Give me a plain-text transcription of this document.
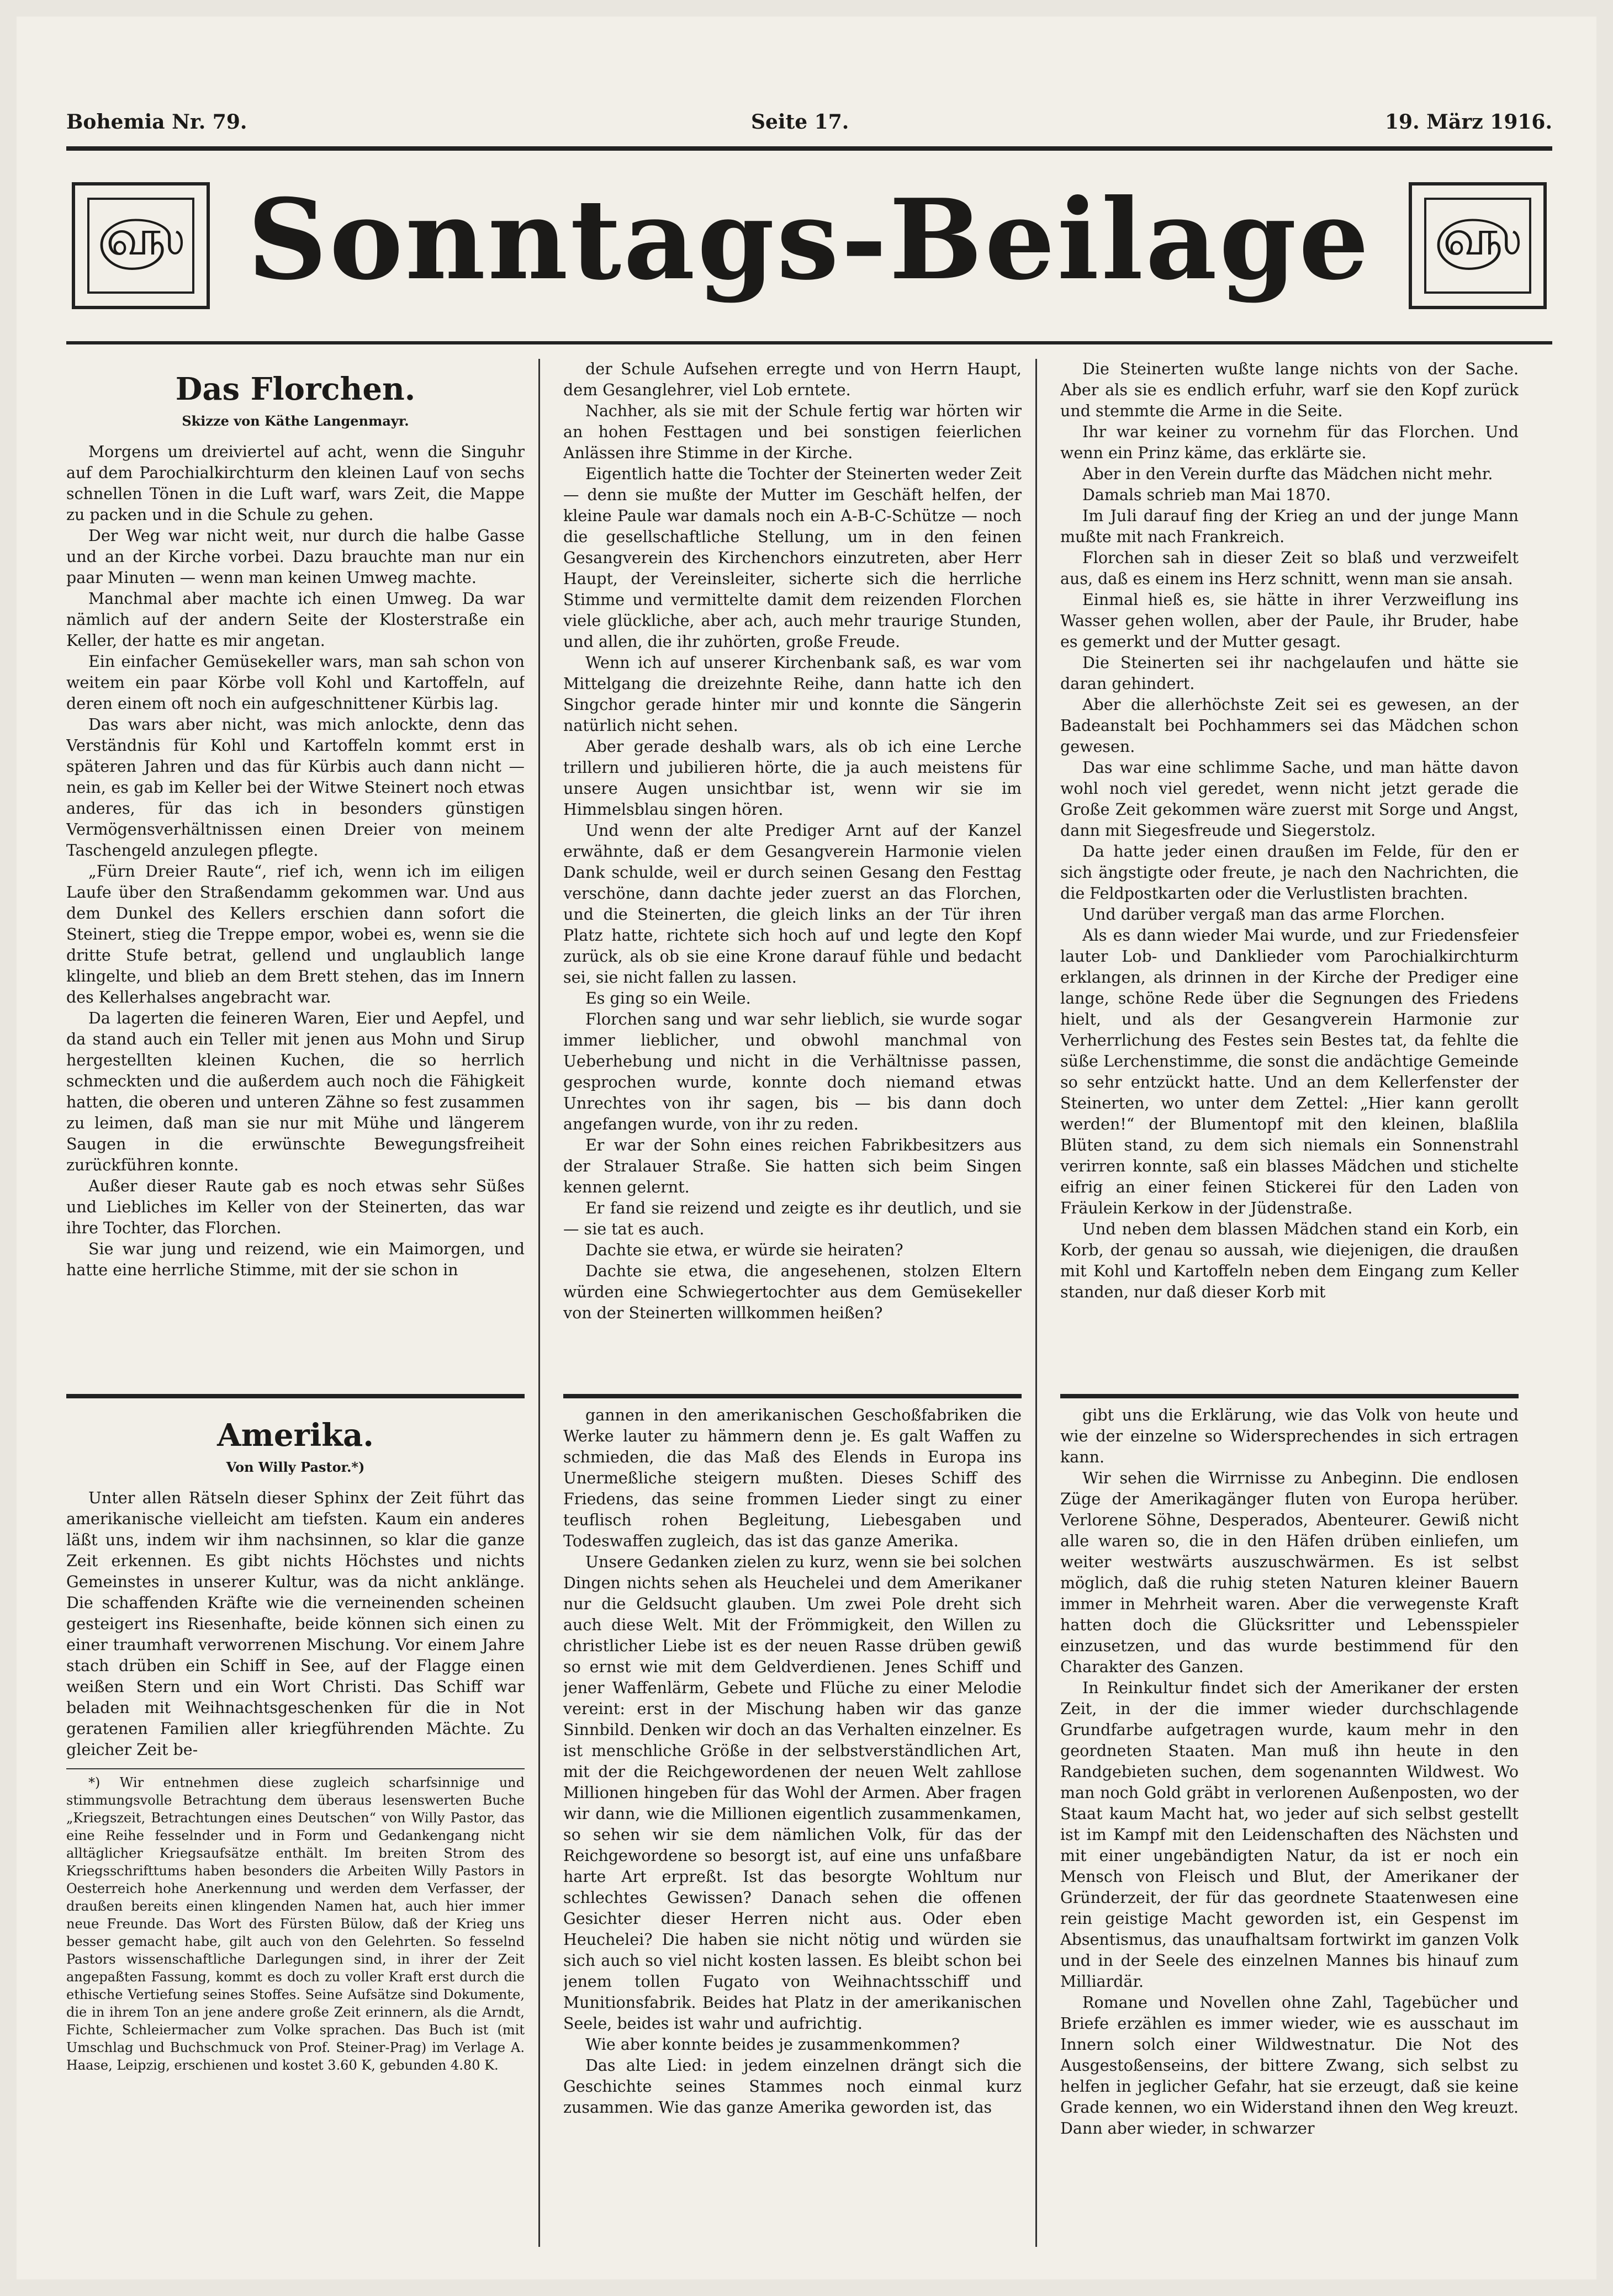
Bohemia Nr. 79.	Seite 17.	19. März 1916.
௵ Sonntags-Beilage	௵
Das Florchen.
Skizze von Käthe Langenmayr.

Morgens um dreiviertel auf acht, wenn die Singuhr auf dem Parochialkirchturm den kleinen Lauf von sechs schnellen Tönen in die Luft warf, wars Zeit, die Mappe zu packen und in die Schule zu gehen.

Der Weg war nicht weit, nur durch die halbe Gasse und an der Kirche vorbei. Dazu brauchte man nur ein paar Minuten — wenn man keinen Umweg machte.

Manchmal aber machte ich einen Umweg. Da war nämlich auf der andern Seite der Klosterstraße ein Keller, der hatte es mir angetan.

Ein einfacher Gemüsekeller wars, man sah schon von weitem ein paar Körbe voll Kohl und Kartoffeln, auf deren einem oft noch ein aufgeschnittener Kürbis lag.

Das wars aber nicht, was mich anlockte, denn das Verständnis für Kohl und Kartoffeln kommt erst in späteren Jahren und das für Kürbis auch dann nicht — nein, es gab im Keller bei der Witwe Steinert noch etwas anderes, für das ich in besonders günstigen Vermögensverhältnissen einen Dreier von meinem Taschengeld anzulegen pflegte.

„Fürn Dreier Raute“, rief ich, wenn ich im eiligen Laufe über den Straßendamm gekommen war. Und aus dem Dunkel des Kellers erschien dann sofort die Steinert, stieg die Treppe empor, wobei es, wenn sie die dritte Stufe betrat, gellend und unglaublich lange klingelte, und blieb an dem Brett stehen, das im Innern des Kellerhalses angebracht war.

Da lagerten die feineren Waren, Eier und Aepfel, und da stand auch ein Teller mit jenen aus Mohn und Sirup hergestellten kleinen Kuchen, die so herrlich schmeckten und die außerdem auch noch die Fähigkeit hatten, die oberen und unteren Zähne so fest zusammen zu leimen, daß man sie nur mit Mühe und längerem Saugen in die erwünschte Bewegungsfreiheit zurückführen konnte.

Außer dieser Raute gab es noch etwas sehr Süßes und Liebliches im Keller von der Steinerten, das war ihre Tochter, das Florchen.

Sie war jung und reizend, wie ein Maimorgen, und hatte eine herrliche Stimme, mit der sie schon in

der Schule Aufsehen erregte und von Herrn Haupt, dem Gesanglehrer, viel Lob erntete.

Nachher, als sie mit der Schule fertig war hörten wir an hohen Festtagen und bei sonstigen feierlichen Anlässen ihre Stimme in der Kirche.

Eigentlich hatte die Tochter der Steinerten weder Zeit — denn sie mußte der Mutter im Geschäft helfen, der kleine Paule war damals noch ein A-B-C-Schütze — noch die gesellschaftliche Stellung, um in den feinen Gesangverein des Kirchenchors einzutreten, aber Herr Haupt, der Vereinsleiter, sicherte sich die herrliche Stimme und vermittelte damit dem reizenden Florchen viele glückliche, aber ach, auch mehr traurige Stunden, und allen, die ihr zuhörten, große Freude.

Wenn ich auf unserer Kirchenbank saß, es war vom Mittelgang die dreizehnte Reihe, dann hatte ich den Singchor gerade hinter mir und konnte die Sängerin natürlich nicht sehen.

Aber gerade deshalb wars, als ob ich eine Lerche trillern und jubilieren hörte, die ja auch meistens für unsere Augen unsichtbar ist, wenn wir sie im Himmelsblau singen hören.

Und wenn der alte Prediger Arnt auf der Kanzel erwähnte, daß er dem Gesangverein Harmonie vielen Dank schulde, weil er durch seinen Gesang den Festtag verschöne, dann dachte jeder zuerst an das Florchen, und die Steinerten, die gleich links an der Tür ihren Platz hatte, richtete sich hoch auf und legte den Kopf zurück, als ob sie eine Krone darauf fühle und bedacht sei, sie nicht fallen zu lassen.

Es ging so ein Weile.

Florchen sang und war sehr lieblich, sie wurde sogar immer lieblicher, und obwohl manchmal von Ueberhebung und nicht in die Verhältnisse passen, gesprochen wurde, konnte doch niemand etwas Unrechtes von ihr sagen, bis — bis dann doch angefangen wurde, von ihr zu reden.

Er war der Sohn eines reichen Fabrikbesitzers aus der Stralauer Straße. Sie hatten sich beim Singen kennen gelernt.

Er fand sie reizend und zeigte es ihr deutlich, und sie — sie tat es auch.

Dachte sie etwa, er würde sie heiraten?

Dachte sie etwa, die angesehenen, stolzen Eltern würden eine Schwiegertochter aus dem Gemüsekeller von der Steinerten willkommen heißen?

Die Steinerten wußte lange nichts von der Sache. Aber als sie es endlich erfuhr, warf sie den Kopf zurück und stemmte die Arme in die Seite.

Ihr war keiner zu vornehm für das Florchen. Und wenn ein Prinz käme, das erklärte sie.

Aber in den Verein durfte das Mädchen nicht mehr.

Damals schrieb man Mai 1870.

Im Juli darauf fing der Krieg an und der junge Mann mußte mit nach Frankreich.

Florchen sah in dieser Zeit so blaß und verzweifelt aus, daß es einem ins Herz schnitt, wenn man sie ansah.

Einmal hieß es, sie hätte in ihrer Verzweiflung ins Wasser gehen wollen, aber der Paule, ihr Bruder, habe es gemerkt und der Mutter gesagt.

Die Steinerten sei ihr nachgelaufen und hätte sie daran gehindert.

Aber die allerhöchste Zeit sei es gewesen, an der Badeanstalt bei Pochhammers sei das Mädchen schon gewesen.

Das war eine schlimme Sache, und man hätte davon wohl noch viel geredet, wenn nicht jetzt gerade die Große Zeit gekommen wäre zuerst mit Sorge und Angst, dann mit Siegesfreude und Siegerstolz.

Da hatte jeder einen draußen im Felde, für den er sich ängstigte oder freute, je nach den Nachrichten, die die Feldpostkarten oder die Verlustlisten brachten.

Und darüber vergaß man das arme Florchen.

Als es dann wieder Mai wurde, und zur Friedensfeier lauter Lob- und Danklieder vom Parochialkirchturm erklangen, als drinnen in der Kirche der Prediger eine lange, schöne Rede über die Segnungen des Friedens hielt, und als der Gesangverein Harmonie zur Verherrlichung des Festes sein Bestes tat, da fehlte die süße Lerchenstimme, die sonst die andächtige Gemeinde so sehr entzückt hatte. Und an dem Kellerfenster der Steinerten, wo unter dem Zettel: „Hier kann gerollt werden!“ der Blumentopf mit den kleinen, blaßlila Blüten stand, zu dem sich niemals ein Sonnenstrahl verirren konnte, saß ein blasses Mädchen und stichelte eifrig an einer feinen Stickerei für den Laden von Fräulein Kerkow in der Jüdenstraße.

Und neben dem blassen Mädchen stand ein Korb, ein Korb, der genau so aussah, wie diejenigen, die draußen mit Kohl und Kartoffeln neben dem Eingang zum Keller standen, nur daß dieser Korb mit

Amerika.
Von Willy Pastor.*)

Unter allen Rätseln dieser Sphinx der Zeit führt das amerikanische vielleicht am tiefsten. Kaum ein anderes läßt uns, indem wir ihm nachsinnen, so klar die ganze Zeit erkennen. Es gibt nichts Höchstes und nichts Gemeinstes in unserer Kultur, was da nicht anklänge. Die schaffenden Kräfte wie die verneinenden scheinen gesteigert ins Riesenhafte, beide können sich einen zu einer traumhaft verworrenen Mischung. Vor einem Jahre stach drüben ein Schiff in See, auf der Flagge einen weißen Stern und ein Wort Christi. Das Schiff war beladen mit Weihnachtsgeschenken für die in Not geratenen Familien aller kriegführenden Mächte. Zu gleicher Zeit be-

*) Wir entnehmen diese zugleich scharfsinnige und stimmungsvolle Betrachtung dem überaus lesenswerten Buche „Kriegszeit, Betrachtungen eines Deutschen“ von Willy Pastor, das eine Reihe fesselnder und in Form und Gedankengang nicht alltäglicher Kriegsaufsätze enthält. Im breiten Strom des Kriegsschrifttums haben besonders die Arbeiten Willy Pastors in Oesterreich hohe Anerkennung und werden dem Verfasser, der draußen bereits einen klingenden Namen hat, auch hier immer neue Freunde. Das Wort des Fürsten Bülow, daß der Krieg uns besser gemacht habe, gilt auch von den Gelehrten. So fesselnd Pastors wissenschaftliche Darlegungen sind, in ihrer der Zeit angepaßten Fassung, kommt es doch zu voller Kraft erst durch die ethische Vertiefung seines Stoffes. Seine Aufsätze sind Dokumente, die in ihrem Ton an jene andere große Zeit erinnern, als die Arndt, Fichte, Schleiermacher zum Volke sprachen. Das Buch ist (mit Umschlag und Buchschmuck von Prof. Steiner-Prag) im Verlage A. Haase, Leipzig, erschienen und kostet 3.60 K, gebunden 4.80 K.

gannen in den amerikanischen Geschoßfabriken die Werke lauter zu hämmern denn je. Es galt Waffen zu schmieden, die das Maß des Elends in Europa ins Unermeßliche steigern mußten. Dieses Schiff des Friedens, das seine frommen Lieder singt zu einer teuflisch rohen Begleitung, Liebesgaben und Todeswaffen zugleich, das ist das ganze Amerika.

Unsere Gedanken zielen zu kurz, wenn sie bei solchen Dingen nichts sehen als Heuchelei und dem Amerikaner nur die Geldsucht glauben. Um zwei Pole dreht sich auch diese Welt. Mit der Frömmigkeit, den Willen zu christlicher Liebe ist es der neuen Rasse drüben gewiß so ernst wie mit dem Geldverdienen. Jenes Schiff und jener Waffenlärm, Gebete und Flüche zu einer Melodie vereint: erst in der Mischung haben wir das ganze Sinnbild. Denken wir doch an das Verhalten einzelner. Es ist menschliche Größe in der selbstverständlichen Art, mit der die Reichgewordenen der neuen Welt zahllose Millionen hingeben für das Wohl der Armen. Aber fragen wir dann, wie die Millionen eigentlich zusammenkamen, so sehen wir sie dem nämlichen Volk, für das der Reichgewordene so besorgt ist, auf eine uns unfaßbare harte Art erpreßt. Ist das besorgte Wohltum nur schlechtes Gewissen? Danach sehen die offenen Gesichter dieser Herren nicht aus. Oder eben Heuchelei? Die haben sie nicht nötig und würden sie sich auch so viel nicht kosten lassen. Es bleibt schon bei jenem tollen Fugato von Weihnachtsschiff und Munitionsfabrik. Beides hat Platz in der amerikanischen Seele, beides ist wahr und aufrichtig.

Wie aber konnte beides je zusammenkommen?

Das alte Lied: in jedem einzelnen drängt sich die Geschichte seines Stammes noch einmal kurz zusammen. Wie das ganze Amerika geworden ist, das

gibt uns die Erklärung, wie das Volk von heute und wie der einzelne so Widersprechendes in sich ertragen kann.

Wir sehen die Wirrnisse zu Anbeginn. Die endlosen Züge der Amerikagänger fluten von Europa herüber. Verlorene Söhne, Desperados, Abenteurer. Gewiß nicht alle waren so, die in den Häfen drüben einliefen, um weiter westwärts auszuschwärmen. Es ist selbst möglich, daß die ruhig steten Naturen kleiner Bauern immer in Mehrheit waren. Aber die verwegenste Kraft hatten doch die Glücksritter und Lebensspieler einzusetzen, und das wurde bestimmend für den Charakter des Ganzen.

In Reinkultur findet sich der Amerikaner der ersten Zeit, in der die immer wieder durchschlagende Grundfarbe aufgetragen wurde, kaum mehr in den geordneten Staaten. Man muß ihn heute in den Randgebieten suchen, dem sogenannten Wildwest. Wo man noch Gold gräbt in verlorenen Außenposten, wo der Staat kaum Macht hat, wo jeder auf sich selbst gestellt ist im Kampf mit den Leidenschaften des Nächsten und mit einer ungebändigten Natur, da ist er noch ein Mensch von Fleisch und Blut, der Amerikaner der Gründerzeit, der für das geordnete Staatenwesen eine rein geistige Macht geworden ist, ein Gespenst im Absentismus, das unaufhaltsam fortwirkt im ganzen Volk und in der Seele des einzelnen Mannes bis hinauf zum Milliardär.

Romane und Novellen ohne Zahl, Tagebücher und Briefe erzählen es immer wieder, wie es ausschaut im Innern solch einer Wildwestnatur. Die Not des Ausgestoßenseins, der bittere Zwang, sich selbst zu helfen in jeglicher Gefahr, hat sie erzeugt, daß sie keine Grade kennen, wo ein Widerstand ihnen den Weg kreuzt. Dann aber wieder, in schwarzer
